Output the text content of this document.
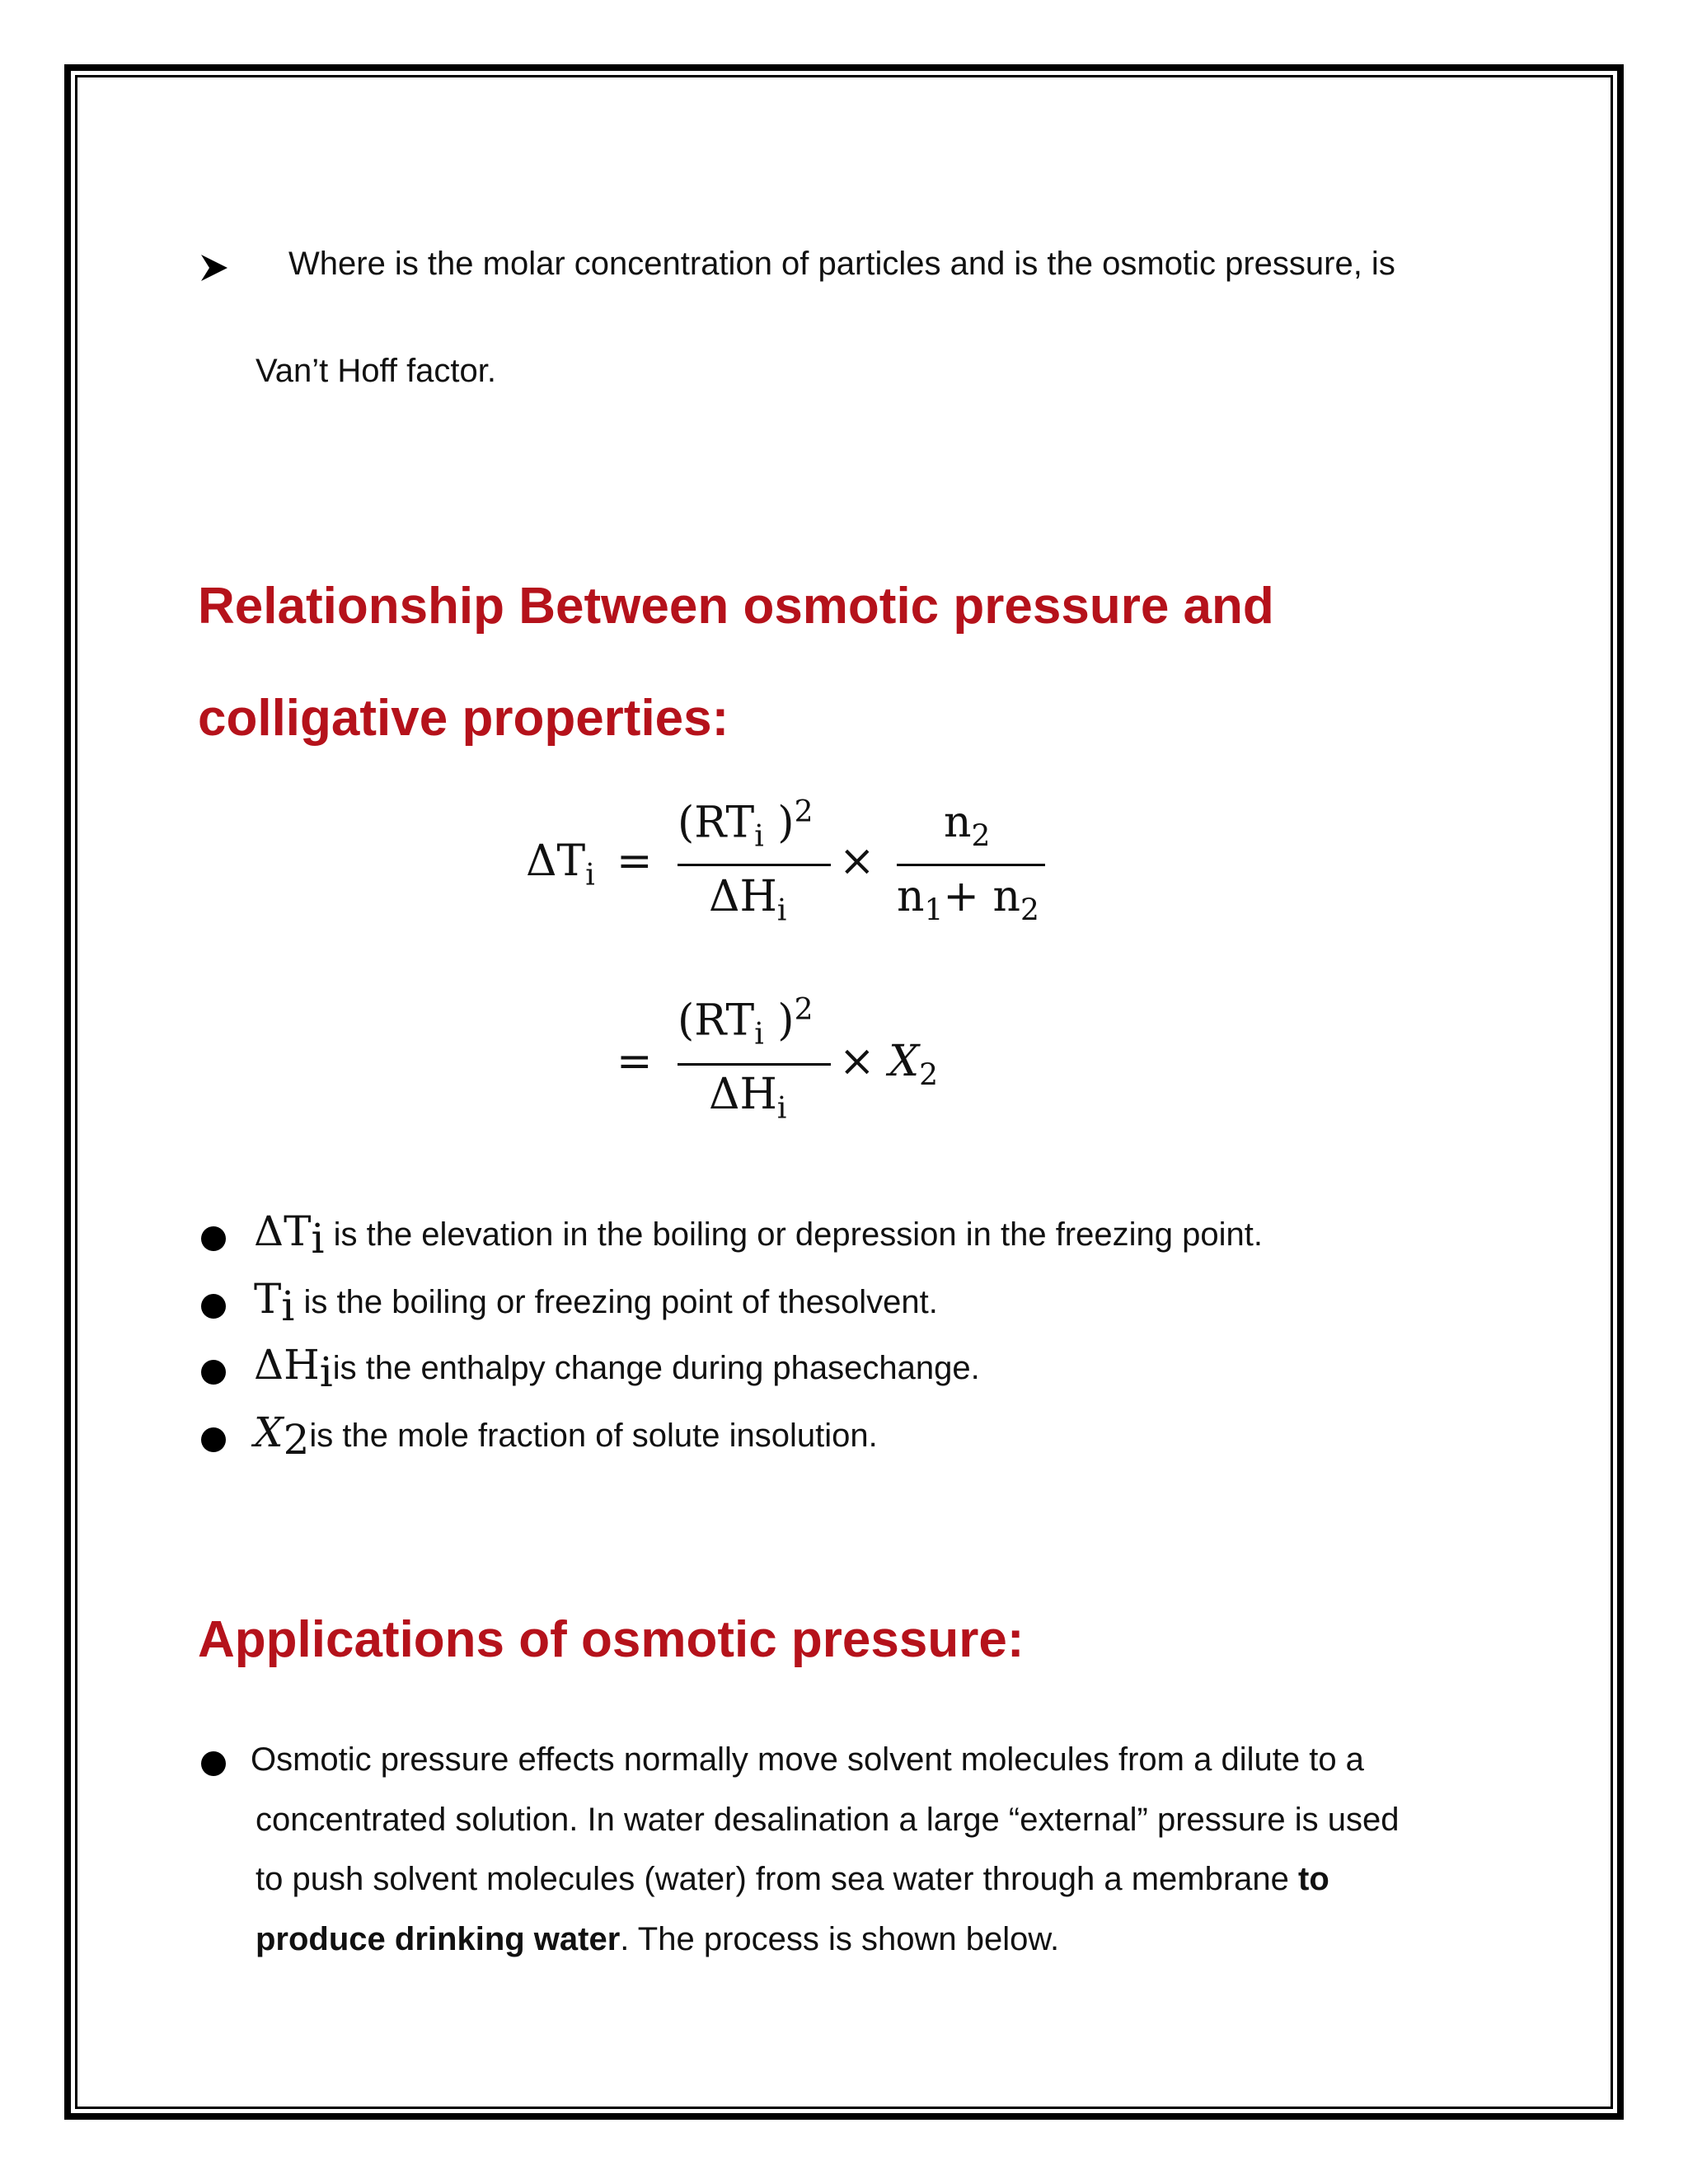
Where is the molar concentration of particles and is the osmotic pressure, is
Van’t Hoff factor.
Relationship Between osmotic pressure and
colligative properties:
$\Delta T_i$ =
($RT_i$ )$^2$
$\Delta H_i$
×
$n_2$
$n_1+ n_2$
=
($RT_i$ )$^2$
$\Delta H_i$
× $X_2$
$\Delta T_i$ is the elevation in the boiling or depression in the freezing point.
$T_i$ is the boiling or freezing point of thesolvent.
$\Delta H_iis$ the enthalpy change during phasechange.
$X_2is$ the mole fraction of solute insolution.
Applications of osmotic pressure:
Osmotic pressure effects normally move solvent molecules from a dilute to a
concentrated solution. In water desalination a large “external” pressure is used
to push solvent molecules (water) from sea water through a membrane to
produce drinking water. The process is shown below.
